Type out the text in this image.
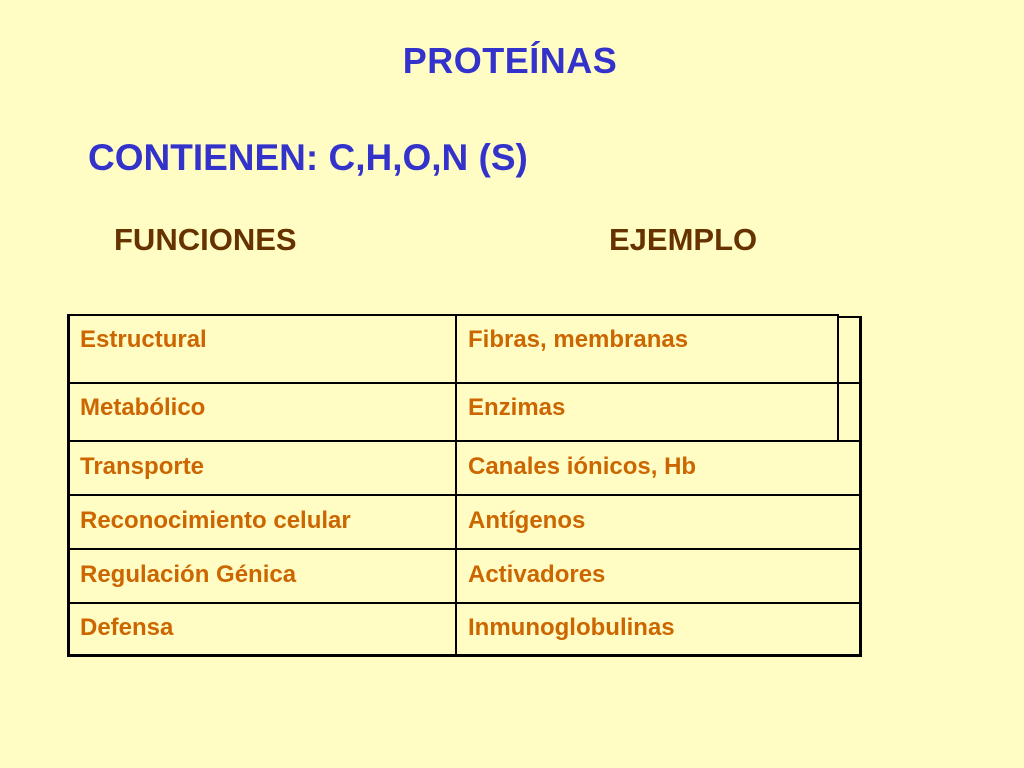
PROTEÍNAS
CONTIENEN: C,H,O,N (S)
FUNCIONES	EJEMPLO
Estructural	Fibras, membranas
Metabólico	Enzimas
Transporte	Canales iónicos, Hb
Reconocimiento celular	Antígenos
Regulación Génica	Activadores
Defensa	Inmunoglobulinas
